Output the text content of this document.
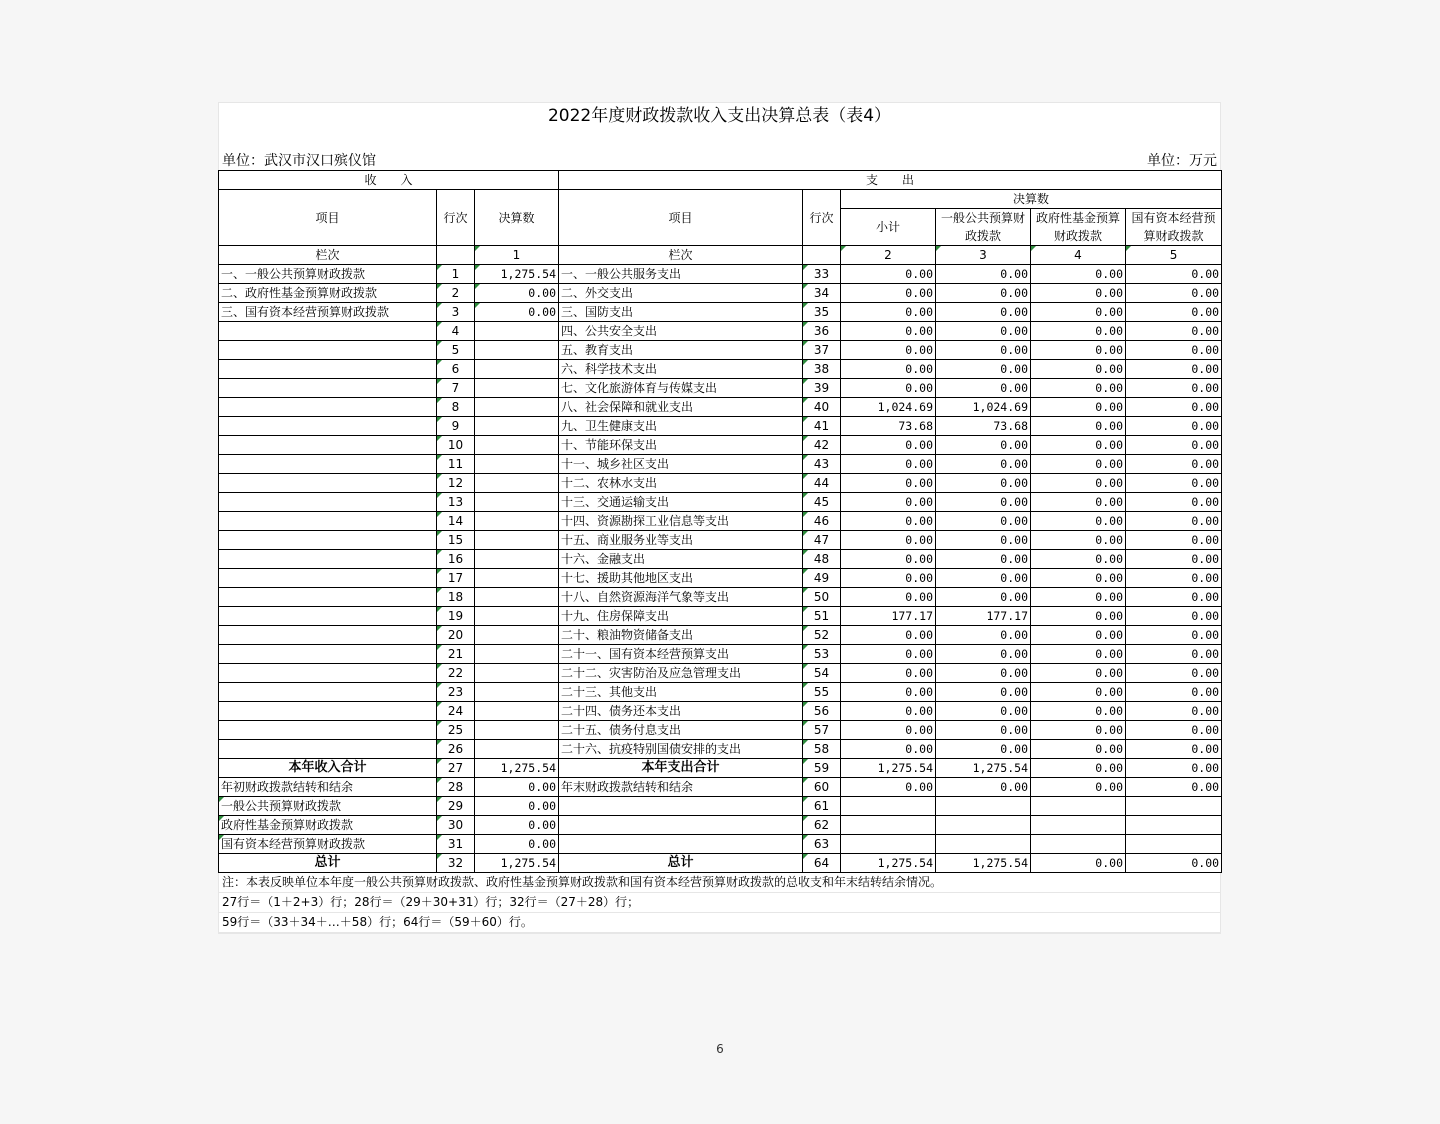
2022年度财政拨款收入支出决算总表（表4）
单位：武汉市汉口殡仪馆	单位：万元
收　　入			支　　出					
项目	行次	决算数	项目	行次	决算数			
					小计	一般公共预算财政拨款	政府性基金预算财政拨款	国有资本经营预算财政拨款
栏次		1	栏次		2	3	4	5
一、一般公共预算财政拨款	1	1,275.54	一、一般公共服务支出	33	0.00	0.00	0.00	0.00
二、政府性基金预算财政拨款	2	0.00	二、外交支出	34	0.00	0.00	0.00	0.00
三、国有资本经营预算财政拨款	3	0.00	三、国防支出	35	0.00	0.00	0.00	0.00
	4		四、公共安全支出	36	0.00	0.00	0.00	0.00
	5		五、教育支出	37	0.00	0.00	0.00	0.00
	6		六、科学技术支出	38	0.00	0.00	0.00	0.00
	7		七、文化旅游体育与传媒支出	39	0.00	0.00	0.00	0.00
	8		八、社会保障和就业支出	40	1,024.69	1,024.69	0.00	0.00
	9		九、卫生健康支出	41	73.68	73.68	0.00	0.00
	10		十、节能环保支出	42	0.00	0.00	0.00	0.00
	11		十一、城乡社区支出	43	0.00	0.00	0.00	0.00
	12		十二、农林水支出	44	0.00	0.00	0.00	0.00
	13		十三、交通运输支出	45	0.00	0.00	0.00	0.00
	14		十四、资源勘探工业信息等支出	46	0.00	0.00	0.00	0.00
	15		十五、商业服务业等支出	47	0.00	0.00	0.00	0.00
	16		十六、金融支出	48	0.00	0.00	0.00	0.00
	17		十七、援助其他地区支出	49	0.00	0.00	0.00	0.00
	18		十八、自然资源海洋气象等支出	50	0.00	0.00	0.00	0.00
	19		十九、住房保障支出	51	177.17	177.17	0.00	0.00
	20		二十、粮油物资储备支出	52	0.00	0.00	0.00	0.00
	21		二十一、国有资本经营预算支出	53	0.00	0.00	0.00	0.00
	22		二十二、灾害防治及应急管理支出	54	0.00	0.00	0.00	0.00
	23		二十三、其他支出	55	0.00	0.00	0.00	0.00
	24		二十四、债务还本支出	56	0.00	0.00	0.00	0.00
	25		二十五、债务付息支出	57	0.00	0.00	0.00	0.00
	26		二十六、抗疫特别国债安排的支出	58	0.00	0.00	0.00	0.00
本年收入合计	27	1,275.54	本年支出合计	59	1,275.54	1,275.54	0.00	0.00
年初财政拨款结转和结余	28	0.00	年末财政拨款结转和结余	60	0.00	0.00	0.00	0.00
一般公共预算财政拨款	29	0.00		61				
政府性基金预算财政拨款	30	0.00		62				
国有资本经营预算财政拨款	31	0.00		63				
总计	32	1,275.54	总计	64	1,275.54	1,275.54	0.00	0.00
注：本表反映单位本年度一般公共预算财政拨款、政府性基金预算财政拨款和国有资本经营预算财政拨款的总收支和年末结转结余情况。
27行＝（1＋2+3）行；28行＝（29＋30+31）行；32行＝（27＋28）行；
59行＝（33＋34＋…＋58）行；64行＝（59＋60）行。
6
